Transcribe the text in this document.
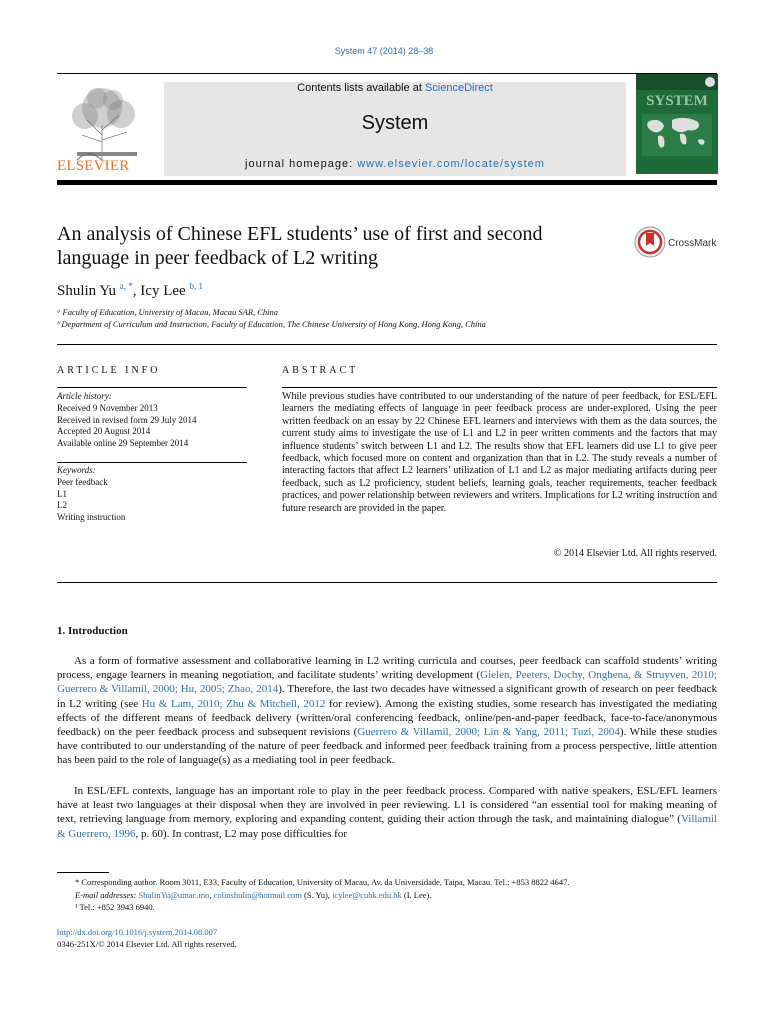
System 47 (2014) 28–38
ELSEVIER
Contents lists available at ScienceDirect
System
journal homepage: www.elsevier.com/locate/system
SYSTEM
An analysis of Chinese EFL students’ use of first and second language in peer feedback of L2 writing
CrossMark
Shulin Yu $^{a, *}$, Icy Lee $^{b, 1}$
ᵃ Faculty of Education, University of Macau, Macau SAR, China
ᵇ Department of Curriculum and Instruction, Faculty of Education, The Chinese University of Hong Kong, Hong Kong, China
ARTICLE INFO	ABSTRACT
Article history:
Received 9 November 2013
Received in revised form 29 July 2014
Accepted 20 August 2014
Available online 29 September 2014
Keywords:
Peer feedback
L1
L2
Writing instruction
While previous studies have contributed to our understanding of the nature of peer feedback, for ESL/EFL learners the mediating effects of language in peer feedback process are under-explored. Using the peer written feedback on an essay by 22 Chinese EFL learners and interviews with them as the data sources, the current study aims to investigate the use of L1 and L2 in peer written comments and the factors that may influence students’ switch between L1 and L2. The results show that EFL learners did use L1 to give peer feedback, which focused more on content and organization than that in L2. The study reveals a number of interacting factors that affect L2 learners’ utilization of L1 and L2 as major mediating artifacts during peer feedback, such as L2 proficiency, student beliefs, learning goals, teacher requirements, teacher feedback practices, and power relationship between reviewers and writers. Implications for L2 writing instruction and future research are provided in the paper.
© 2014 Elsevier Ltd. All rights reserved.
1. Introduction
As a form of formative assessment and collaborative learning in L2 writing curricula and courses, peer feedback can scaffold students’ writing process, engage learners in meaning negotiation, and facilitate students’ writing development (Gielen, Peeters, Dochy, Onghena, & Struyven, 2010; Guerrero & Villamil, 2000; Hu, 2005; Zhao, 2014). Therefore, the last two decades have witnessed a significant growth of research on peer feedback in L2 writing (see Hu & Lam, 2010; Zhu & Mitchell, 2012 for review). Among the existing studies, some research has investigated the mediating effects of the different means of feedback delivery (written/oral conferencing feedback, online/pen-and-paper feedback, face-to-face/anonymous feedback) on the peer feedback process and subsequent revisions (Guerrero & Villamil, 2000; Lin & Yang, 2011; Tuzi, 2004). While these studies have contributed to our understanding of the nature of peer feedback and informed peer feedback training from a process perspective, little attention has been paid to the role of language(s) as a mediating tool in peer feedback.
In ESL/EFL contexts, language has an important role to play in the peer feedback process. Compared with native speakers, ESL/EFL learners have at least two languages at their disposal when they are involved in peer reviewing. L1 is considered “an essential tool for making meaning of text, retrieving language from memory, exploring and expanding content, guiding their action through the task, and maintaining dialogue” (Villamil & Guerrero, 1996, p. 60). In contrast, L2 may pose difficulties for
* Corresponding author. Room 3011, E33, Faculty of Education, University of Macau, Av. da Universidade, Taipa, Macau. Tel.: +853 8822 4647.
E-mail addresses: ShulinYu@umac.mo, colinshulin@hotmail.com (S. Yu), icylee@cuhk.edu.hk (I. Lee).
¹ Tel.: +852 3943 6940.
http://dx.doi.org/10.1016/j.system.2014.08.007
0346-251X/© 2014 Elsevier Ltd. All rights reserved.
